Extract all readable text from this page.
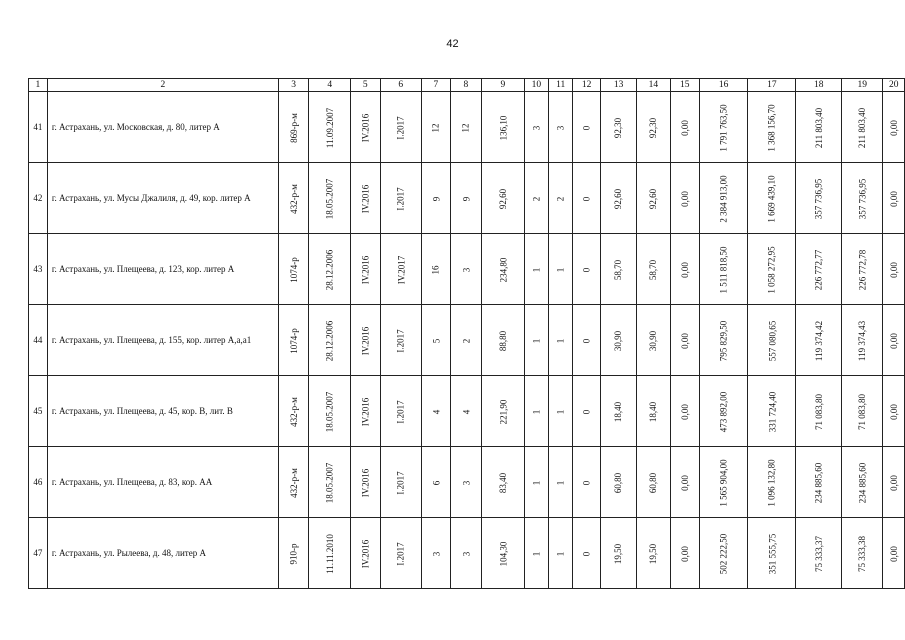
42
1	2	3	4	5	6	7	8	9	10	11	12	13	14	15	16	17	18	19	20
41	г. Астрахань, ул. Московская, д. 80, литер А	869-р-м	11.09.2007	IV.2016	I.2017	12	12	136,10	3	3	0	92,30	92,30	0,00	1 791 763,50	1 368 156,70	211 803,40	211 803,40	0,00
42	г. Астрахань, ул. Мусы Джалиля, д. 49, кор. литер А	432-р-м	18.05.2007	IV.2016	I.2017	9	9	92,60	2	2	0	92,60	92,60	0,00	2 384 913,00	1 669 439,10	357 736,95	357 736,95	0,00
43	г. Астрахань, ул. Плещеева, д. 123, кор. литер А	1074-р	28.12.2006	IV.2016	IV.2017	16	3	234,80	1	1	0	58,70	58,70	0,00	1 511 818,50	1 058 272,95	226 772,77	226 772,78	0,00
44	г. Астрахань, ул. Плещеева, д. 155, кор. литер А,а,а1	1074-р	28.12.2006	IV.2016	I.2017	5	2	88,80	1	1	0	30,90	30,90	0,00	795 829,50	557 080,65	119 374,42	119 374,43	0,00
45	г. Астрахань, ул. Плещеева, д. 45, кор. В, лит. В	432-р-м	18.05.2007	IV.2016	I.2017	4	4	221,90	1	1	0	18,40	18,40	0,00	473 892,00	331 724,40	71 083,80	71 083,80	0,00
46	г. Астрахань, ул. Плещеева, д. 83, кор. АА	432-р-м	18.05.2007	IV.2016	I.2017	6	3	83,40	1	1	0	60,80	60,80	0,00	1 565 904,00	1 096 132,80	234 885,60	234 885,60	0,00
47	г. Астрахань, ул. Рылеева, д. 48, литер А	910-р	11.11.2010	IV.2016	I.2017	3	3	104,30	1	1	0	19,50	19,50	0,00	502 222,50	351 555,75	75 333,37	75 333,38	0,00
